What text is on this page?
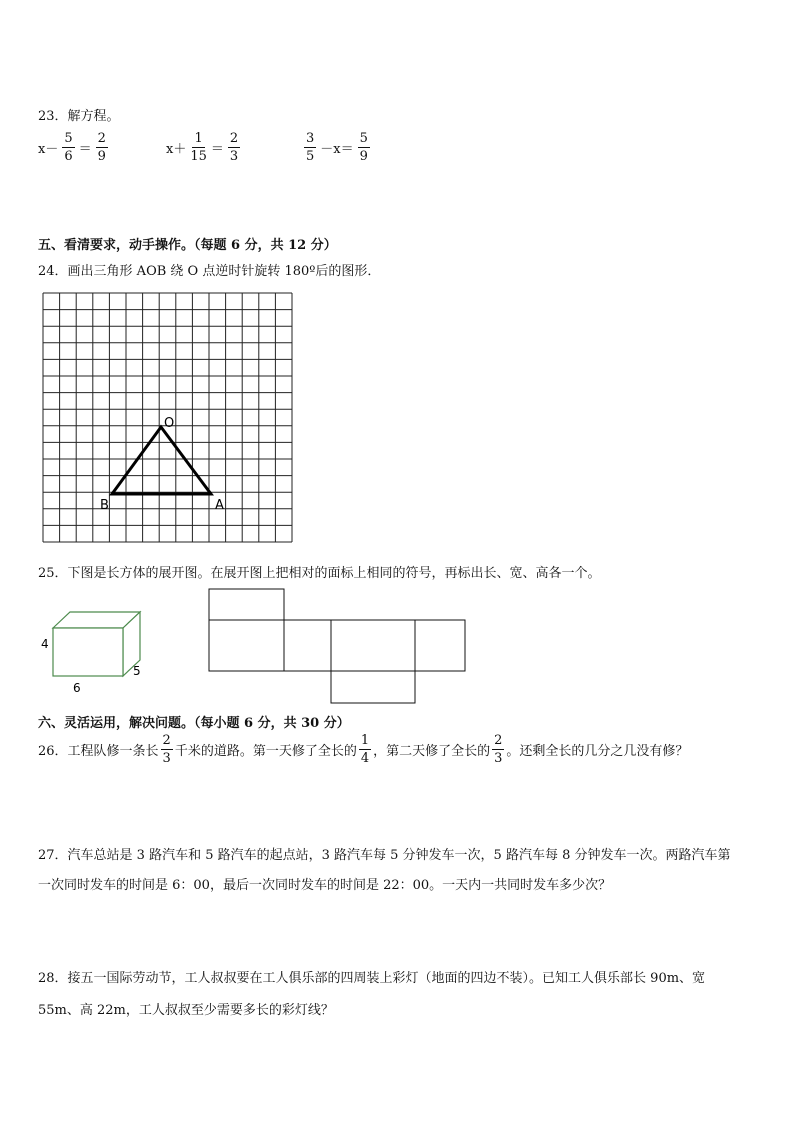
23．解方程。
$x- \frac{5}{6} = \frac{2}{9}$	$x+ \frac{1}{15} = \frac{2}{3}$	$\frac{3}{5} -x= \frac{5}{9}$
五、看清要求，动手操作。（每题 6 分，共 12 分）
24．画出三角形 AOB 绕 O 点逆时针旋转 180º后的图形．
O
B	A
25．下图是长方体的展开图。在展开图上把相对的面标上相同的符号，再标出长、宽、高各一个。
4
5
6
六、灵活运用，解决问题。（每小题 6 分，共 30 分）
26．工程队修一条长 $\frac{2}{3}$ 千米的道路。第一天修了全长的 $\frac{1}{4}$ ，第二天修了全长的 $\frac{2}{3}$ 。还剩全长的几分之几没有修？
27．汽车总站是 3 路汽车和 5 路汽车的起点站，3 路汽车每 5 分钟发车一次，5 路汽车每 8 分钟发车一次。两路汽车第
一次同时发车的时间是 6：00，最后一次同时发车的时间是 22：00。一天内一共同时发车多少次？
28．接五一国际劳动节，工人叔叔要在工人俱乐部的四周装上彩灯（地面的四边不装）。已知工人俱乐部长 90m、宽
55m、高 22m，工人叔叔至少需要多长的彩灯线？
